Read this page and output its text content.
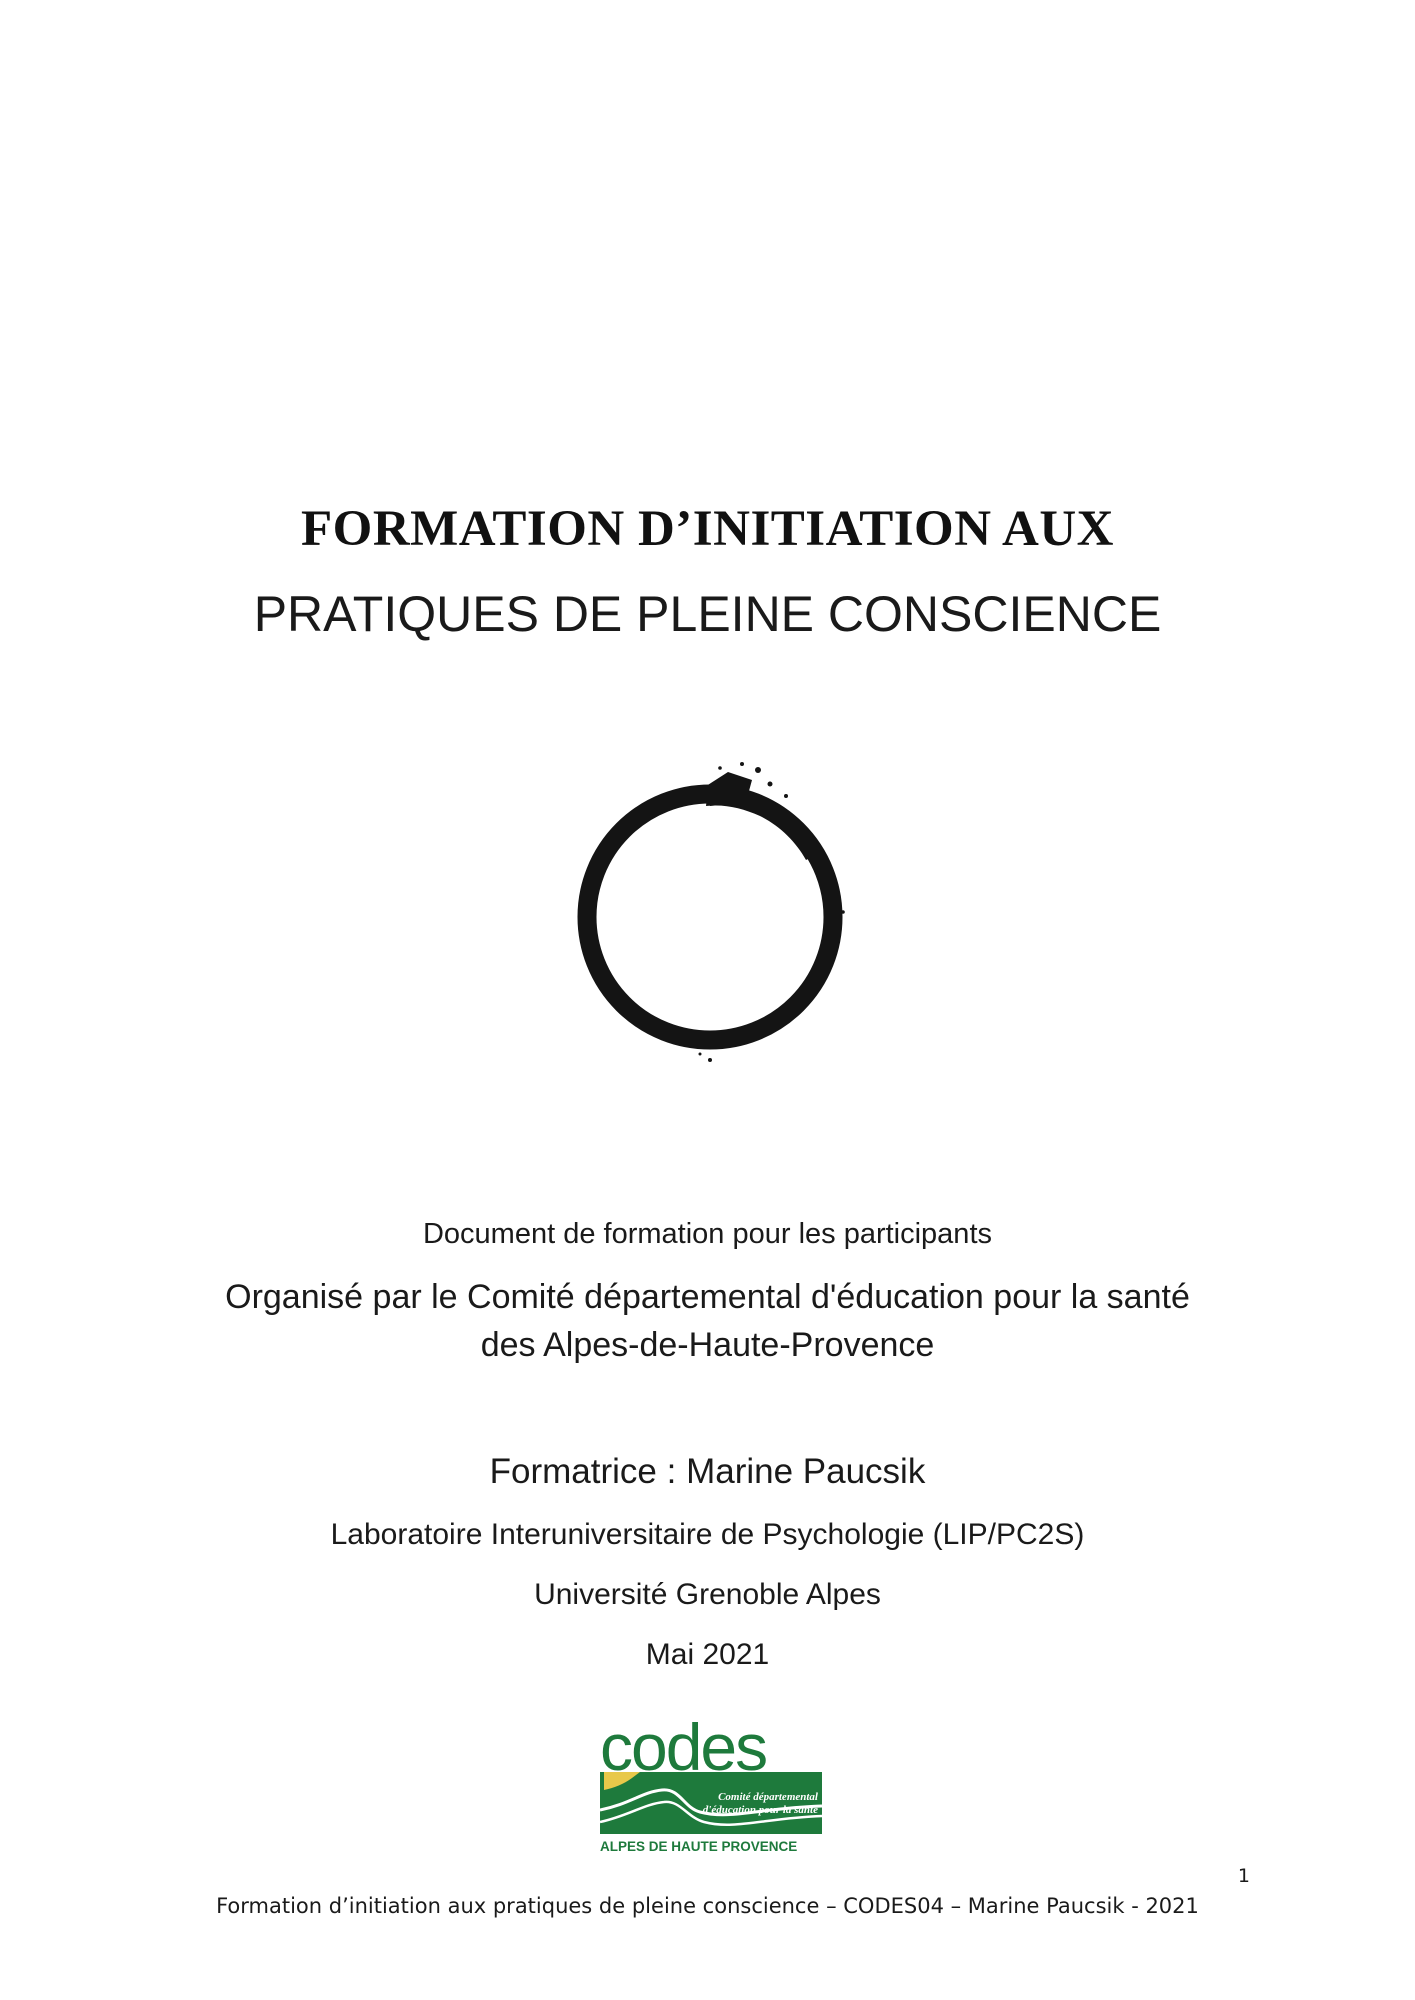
FORMATION D’INITIATION AUX
PRATIQUES DE PLEINE CONSCIENCE
Document de formation pour les participants
Organisé par le Comité départemental d'éducation pour la santé
des Alpes-de-Haute-Provence
Formatrice : Marine Paucsik
Laboratoire Interuniversitaire de Psychologie (LIP/PC2S)
Université Grenoble Alpes
Mai 2021
codes
Comité départemental
d'éducation pour la santé
ALPES DE HAUTE PROVENCE
1
Formation d’initiation aux pratiques de pleine conscience – CODES04 – Marine Paucsik - 2021
